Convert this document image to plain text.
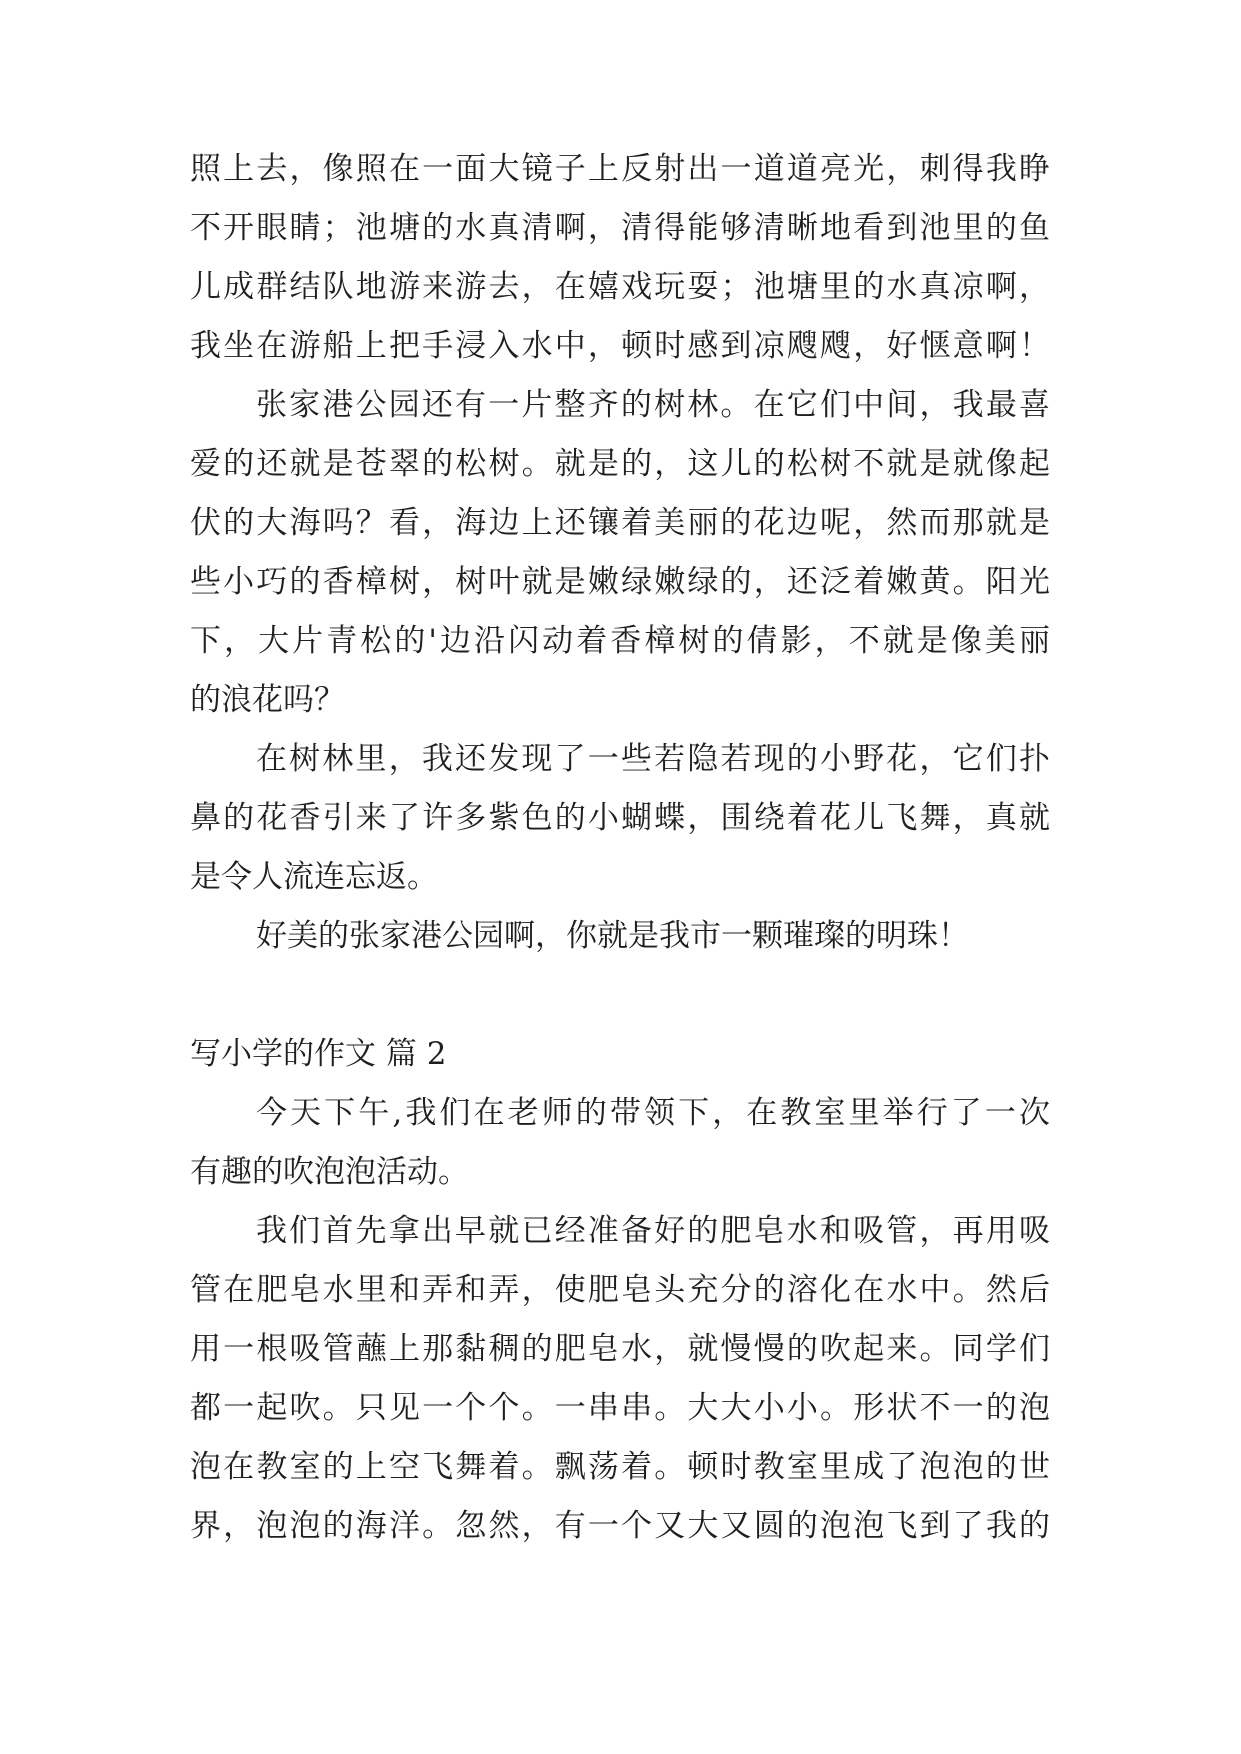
照上去，像照在一面大镜子上反射出一道道亮光，刺得我睁
不开眼睛；池塘的水真清啊，清得能够清晰地看到池里的鱼
儿成群结队地游来游去，在嬉戏玩耍；池塘里的水真凉啊，
我坐在游船上把手浸入水中，顿时感到凉飕飕，好惬意啊！
张家港公园还有一片整齐的树林。在它们中间，我最喜
爱的还就是苍翠的松树。就是的，这儿的松树不就是就像起
伏的大海吗？看，海边上还镶着美丽的花边呢，然而那就是
些小巧的香樟树，树叶就是嫩绿嫩绿的，还泛着嫩黄。阳光
下，大片青松的'边沿闪动着香樟树的倩影，不就是像美丽
的浪花吗？
在树林里，我还发现了一些若隐若现的小野花，它们扑
鼻的花香引来了许多紫色的小蝴蝶，围绕着花儿飞舞，真就
是令人流连忘返。
好美的张家港公园啊，你就是我市一颗璀璨的明珠！
写小学的作文 篇 2
今天下午,我们在老师的带领下，在教室里举行了一次
有趣的吹泡泡活动。
我们首先拿出早就已经准备好的肥皂水和吸管，再用吸
管在肥皂水里和弄和弄，使肥皂头充分的溶化在水中。然后
用一根吸管蘸上那黏稠的肥皂水，就慢慢的吹起来。同学们
都一起吹。只见一个个。一串串。大大小小。形状不一的泡
泡在教室的上空飞舞着。飘荡着。顿时教室里成了泡泡的世
界，泡泡的海洋。忽然，有一个又大又圆的泡泡飞到了我的
